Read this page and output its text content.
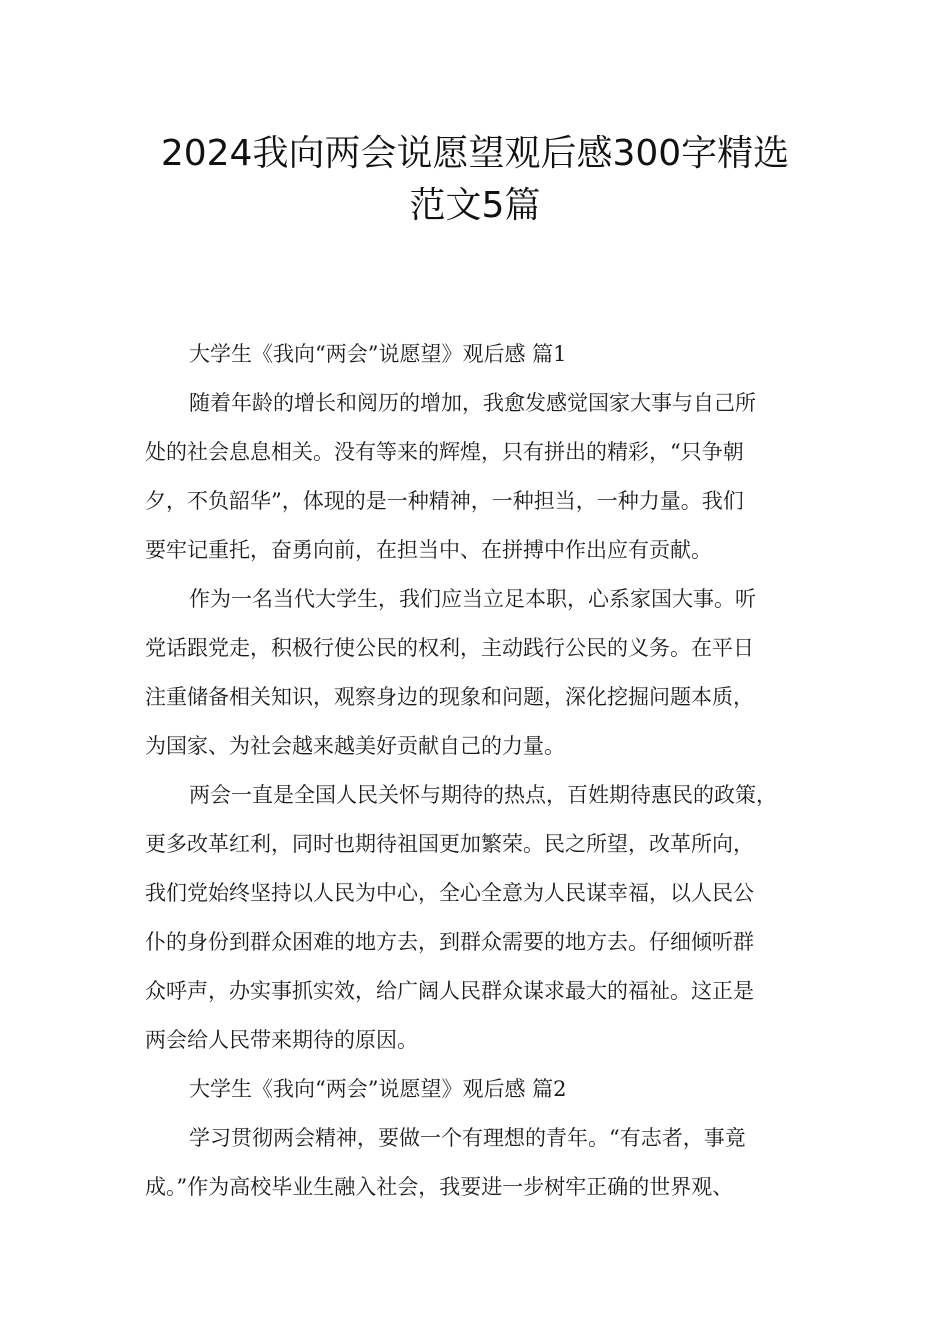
2024我向两会说愿望观后感300字精选
范文5篇
大学生《我向“两会”说愿望》观后感 篇1
随着年龄的增长和阅历的增加，我愈发感觉国家大事与自己所
处的社会息息相关。没有等来的辉煌，只有拼出的精彩，“只争朝
夕，不负韶华”，体现的是一种精神，一种担当，一种力量。我们
要牢记重托，奋勇向前，在担当中、在拼搏中作出应有贡献。
作为一名当代大学生，我们应当立足本职，心系家国大事。听
党话跟党走，积极行使公民的权利，主动践行公民的义务。在平日
注重储备相关知识，观察身边的现象和问题，深化挖掘问题本质，
为国家、为社会越来越美好贡献自己的力量。
两会一直是全国人民关怀与期待的热点，百姓期待惠民的政策，
更多改革红利，同时也期待祖国更加繁荣。民之所望，改革所向，
我们党始终坚持以人民为中心，全心全意为人民谋幸福，以人民公
仆的身份到群众困难的地方去，到群众需要的地方去。仔细倾听群
众呼声，办实事抓实效，给广阔人民群众谋求最大的福祉。这正是
两会给人民带来期待的原因。
大学生《我向“两会”说愿望》观后感 篇2
学习贯彻两会精神，要做一个有理想的青年。“有志者，事竟
成。”作为高校毕业生融入社会，我要进一步树牢正确的世界观、
